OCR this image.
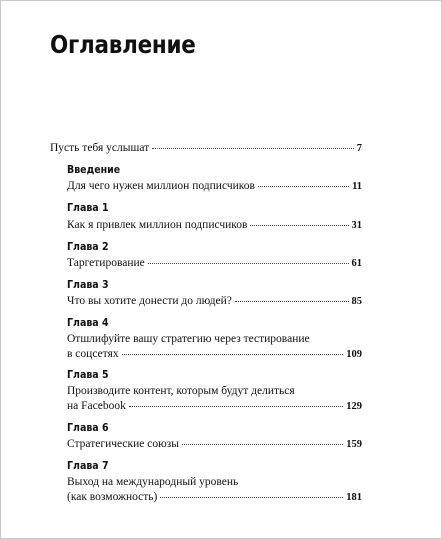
Оглавление
Пусть тебя услышат	7
Введение
Для чего нужен миллион подписчиков	11
Глава 1
Как я привлек миллион подписчиков	31
Глава 2
Таргетирование	61
Глава 3
Что вы хотите донести до людей?	85
Глава 4
Отшлифуйте вашу стратегию через тестирование
в соцсетях	109
Глава 5
Производите контент, которым будут делиться
на Facebook	129
Глава 6
Стратегические союзы	159
Глава 7
Выход на международный уровень
(как возможность)	181
